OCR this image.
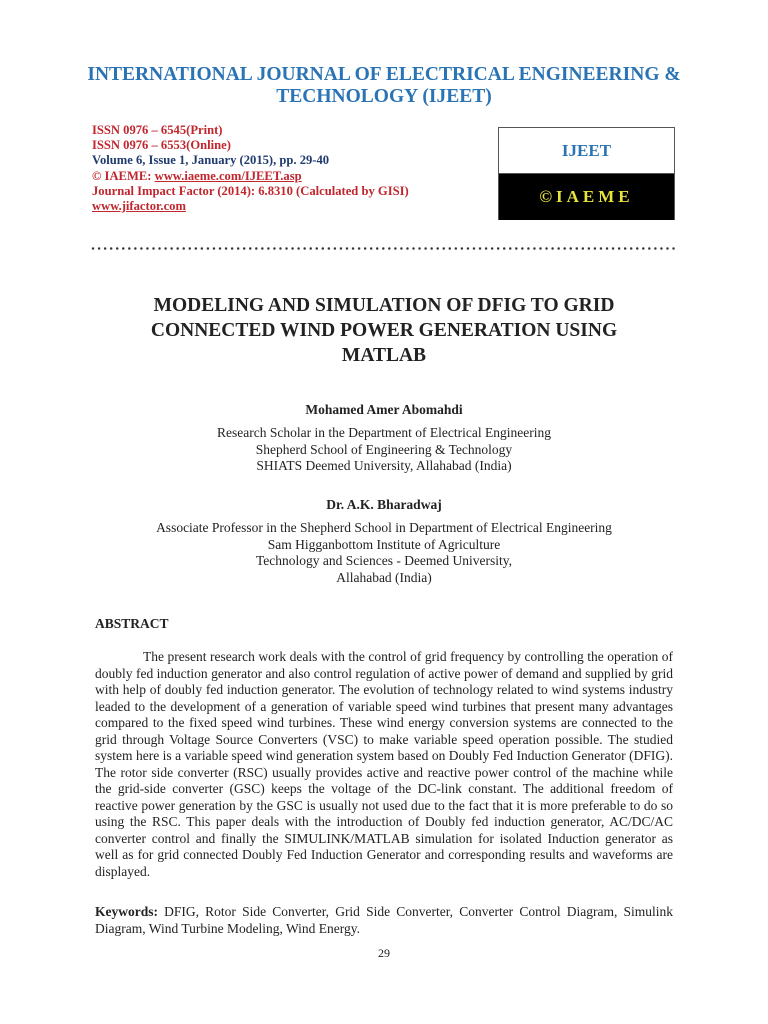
INTERNATIONAL JOURNAL OF ELECTRICAL ENGINEERING &
TECHNOLOGY (IJEET)
ISSN 0976 – 6545(Print)
ISSN 0976 – 6553(Online)
Volume 6, Issue 1, January (2015), pp. 29-40
© IAEME: www.iaeme.com/IJEET.asp
Journal Impact Factor (2014): 6.8310 (Calculated by GISI)
www.jifactor.com
IJEET
©IAEME
MODELING AND SIMULATION OF DFIG TO GRID
CONNECTED WIND POWER GENERATION USING
MATLAB
Mohamed Amer Abomahdi
Research Scholar in the Department of Electrical Engineering
Shepherd School of Engineering & Technology
SHIATS Deemed University, Allahabad (India)
Dr. A.K. Bharadwaj
Associate Professor in the Shepherd School in Department of Electrical Engineering
Sam Higganbottom Institute of Agriculture
Technology and Sciences - Deemed University,
Allahabad (India)
ABSTRACT

The present research work deals with the control of grid frequency by controlling the operation of doubly fed induction generator and also control regulation of active power of demand and supplied by grid with help of doubly fed induction generator. The evolution of technology related to wind systems industry leaded to the development of a generation of variable speed wind turbines that present many advantages compared to the fixed speed wind turbines. These wind energy conversion systems are connected to the grid through Voltage Source Converters (VSC) to make variable speed operation possible. The studied system here is a variable speed wind generation system based on Doubly Fed Induction Generator (DFIG). The rotor side converter (RSC) usually provides active and reactive power control of the machine while the grid-side converter (GSC) keeps the voltage of the DC-link constant. The additional freedom of reactive power generation by the GSC is usually not used due to the fact that it is more preferable to do so using the RSC. This paper deals with the introduction of Doubly fed induction generator, AC/DC/AC converter control and finally the SIMULINK/MATLAB simulation for isolated Induction generator as well as for grid connected Doubly Fed Induction Generator and corresponding results and waveforms are displayed.

Keywords: DFIG, Rotor Side Converter, Grid Side Converter, Converter Control Diagram, Simulink Diagram, Wind Turbine Modeling, Wind Energy.

29
